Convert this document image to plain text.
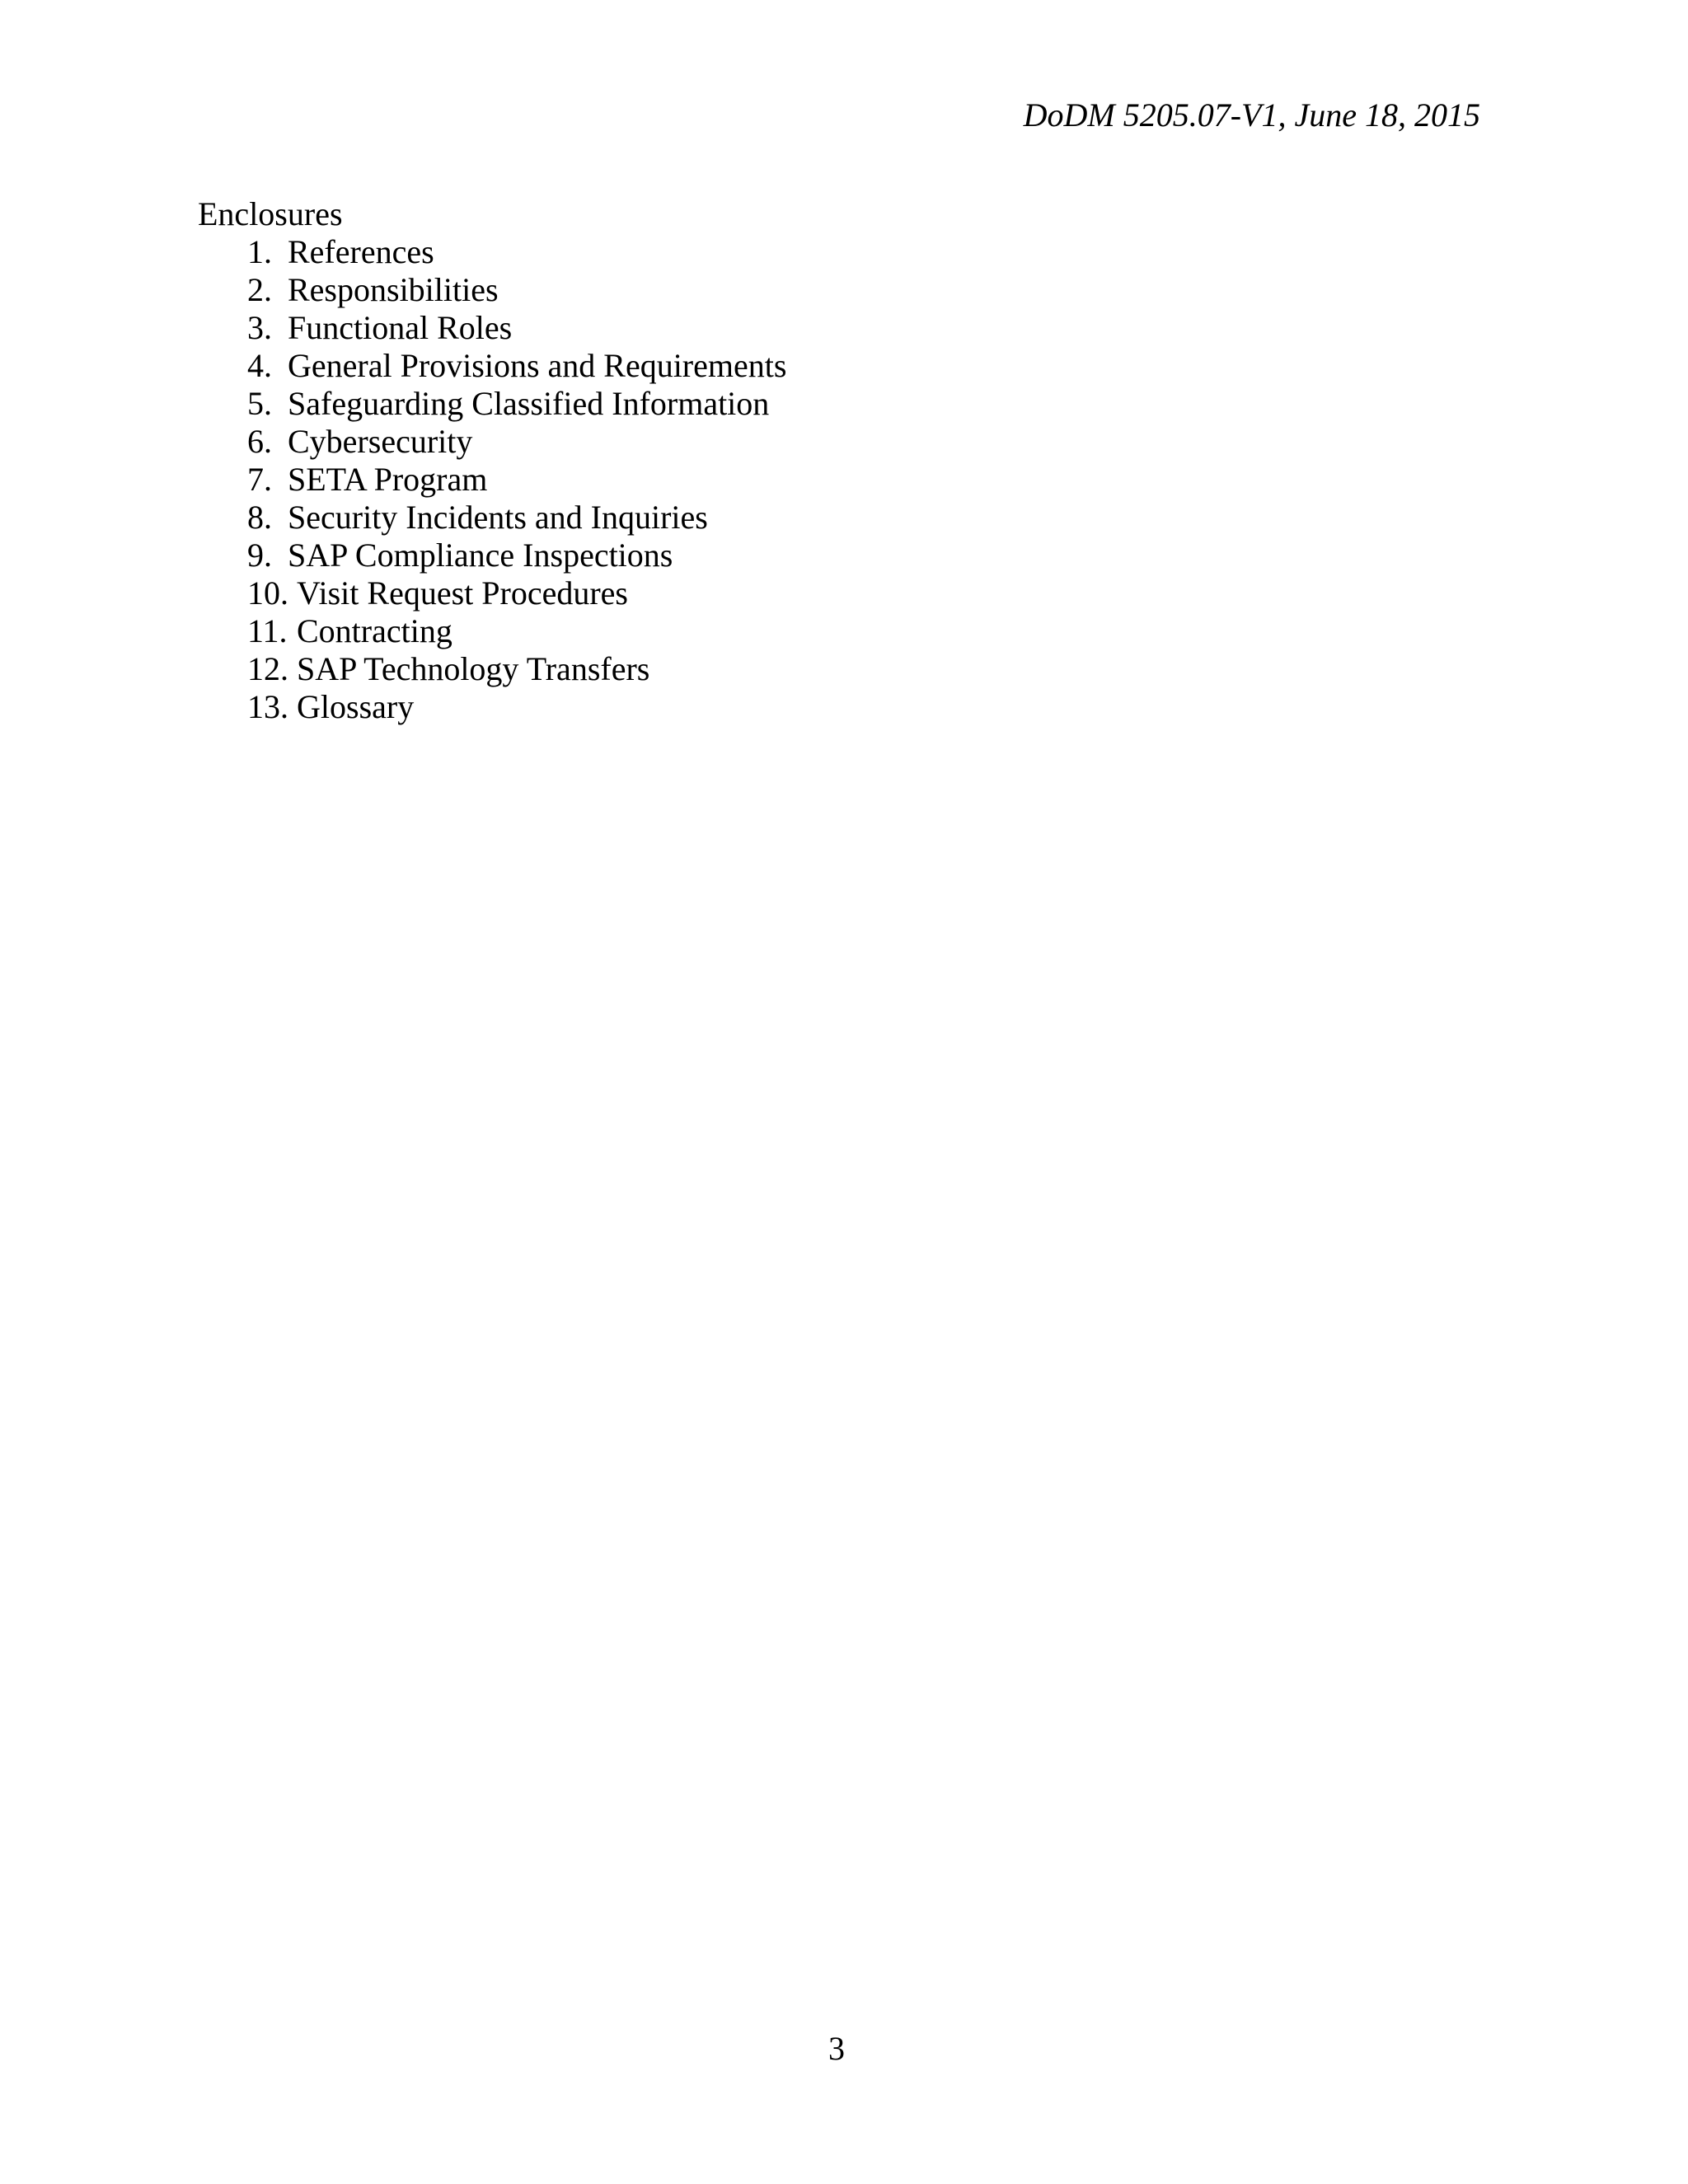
DoDM 5205.07-V1, June 18, 2015

Enclosures

1. References
2. Responsibilities
3. Functional Roles
4. General Provisions and Requirements
5. Safeguarding Classified Information
6. Cybersecurity
7. SETA Program
8. Security Incidents and Inquiries
9. SAP Compliance Inspections
10. Visit Request Procedures
11. Contracting
12. SAP Technology Transfers
13. Glossary
3
